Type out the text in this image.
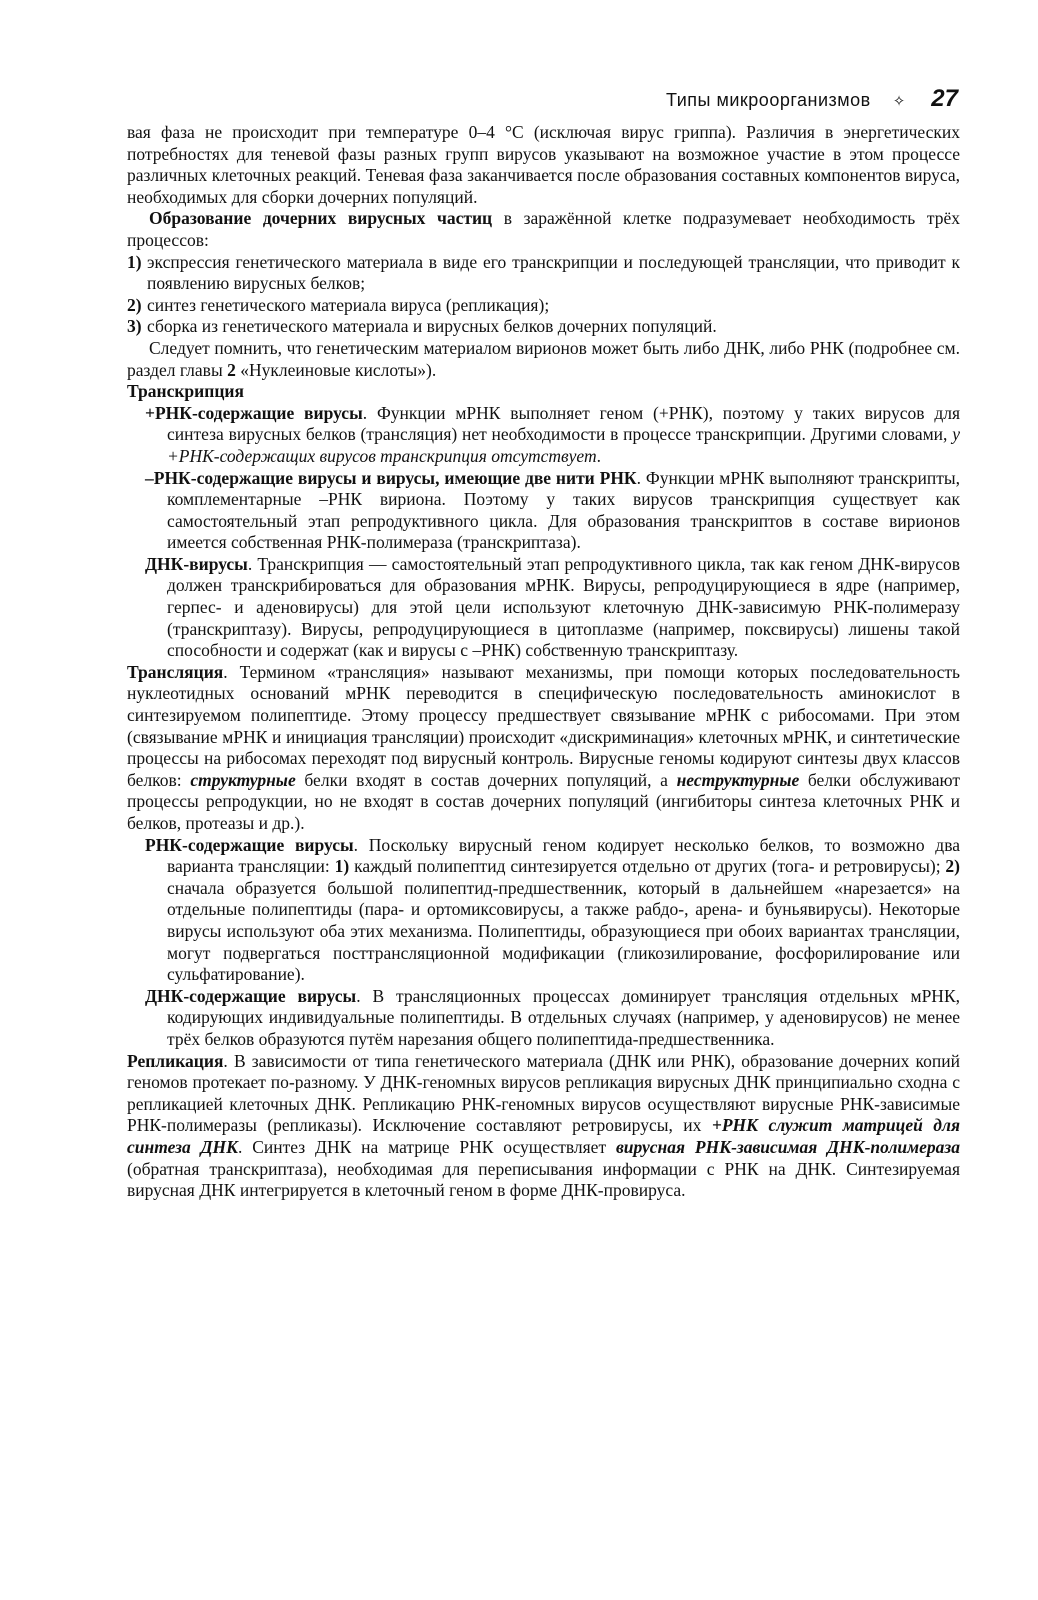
Типы микроорганизмов ✧ 27

вая фаза не происходит при температуре 0–4 °С (исключая вирус гриппа). Различия в энергетических потребностях для теневой фазы разных групп вирусов указывают на возможное участие в этом процессе различных клеточных реакций. Теневая фаза заканчивается после образования составных компонентов вируса, необходимых для сборки дочерних популяций.

Образование дочерних вирусных частиц в заражённой клетке подразумевает необходимость трёх процессов:

1) экспрессия генетического материала в виде его транскрипции и последующей трансляции, что приводит к появлению вирусных белков;
2) синтез генетического материала вируса (репликация);
3) сборка из генетического материала и вирусных белков дочерних популяций.

Следует помнить, что генетическим материалом вирионов может быть либо ДНК, либо РНК (подробнее см. раздел главы 2 «Нуклеиновые кислоты»).

Транскрипция

+РНК-содержащие вирусы. Функции мРНК выполняет геном (+РНК), поэтому у таких вирусов для синтеза вирусных белков (трансляция) нет необходимости в процессе транскрипции. Другими словами, у +РНК-содержащих вирусов транскрипция отсутствует.

–РНК-содержащие вирусы и вирусы, имеющие две нити РНК. Функции мРНК выполняют транскрипты, комплементарные –РНК вириона. Поэтому у таких вирусов транскрипция существует как самостоятельный этап репродуктивного цикла. Для образования транскриптов в составе вирионов имеется собственная РНК-полимераза (транскриптаза).

ДНК-вирусы. Транскрипция — самостоятельный этап репродуктивного цикла, так как геном ДНК-вирусов должен транскрибироваться для образования мРНК. Вирусы, репродуцирующиеся в ядре (например, герпес- и аденовирусы) для этой цели используют клеточную ДНК-зависимую РНК-полимеразу (транскриптазу). Вирусы, репродуцирующиеся в цитоплазме (например, поксвирусы) лишены такой способности и содержат (как и вирусы с –РНК) собственную транскриптазу.

Трансляция. Термином «трансляция» называют механизмы, при помощи которых последовательность нуклеотидных оснований мРНК переводится в специфическую последовательность аминокислот в синтезируемом полипептиде. Этому процессу предшествует связывание мРНК с рибосомами. При этом (связывание мРНК и инициация трансляции) происходит «дискриминация» клеточных мРНК, и синтетические процессы на рибосомах переходят под вирусный контроль. Вирусные геномы кодируют синтезы двух классов белков: структурные белки входят в состав дочерних популяций, а неструктурные белки обслуживают процессы репродукции, но не входят в состав дочерних популяций (ингибиторы синтеза клеточных РНК и белков, протеазы и др.).

РНК-содержащие вирусы. Поскольку вирусный геном кодирует несколько белков, то возможно два варианта трансляции: 1) каждый полипептид синтезируется отдельно от других (тога- и ретровирусы); 2) сначала образуется большой полипептид-предшественник, который в дальнейшем «нарезается» на отдельные полипептиды (пара- и ортомиксовирусы, а также рабдо-, арена- и буньявирусы). Некоторые вирусы используют оба этих механизма. Полипептиды, образующиеся при обоих вариантах трансляции, могут подвергаться посттрансляционной модификации (гликозилирование, фосфорилирование или сульфатирование).

ДНК-содержащие вирусы. В трансляционных процессах доминирует трансляция отдельных мРНК, кодирующих индивидуальные полипептиды. В отдельных случаях (например, у аденовирусов) не менее трёх белков образуются путём нарезания общего полипептида-предшественника.

Репликация. В зависимости от типа генетического материала (ДНК или РНК), образование дочерних копий геномов протекает по-разному. У ДНК-геномных вирусов репликация вирусных ДНК принципиально сходна с репликацией клеточных ДНК. Репликацию РНК-геномных вирусов осуществляют вирусные РНК-зависимые РНК-полимеразы (репликазы). Исключение составляют ретровирусы, их +РНК служит матрицей для синтеза ДНК. Синтез ДНК на матрице РНК осуществляет вирусная РНК-зависимая ДНК-полимераза (обратная транскриптаза), необходимая для переписывания информации с РНК на ДНК. Синтезируемая вирусная ДНК интегрируется в клеточный геном в форме ДНК-провируса.
